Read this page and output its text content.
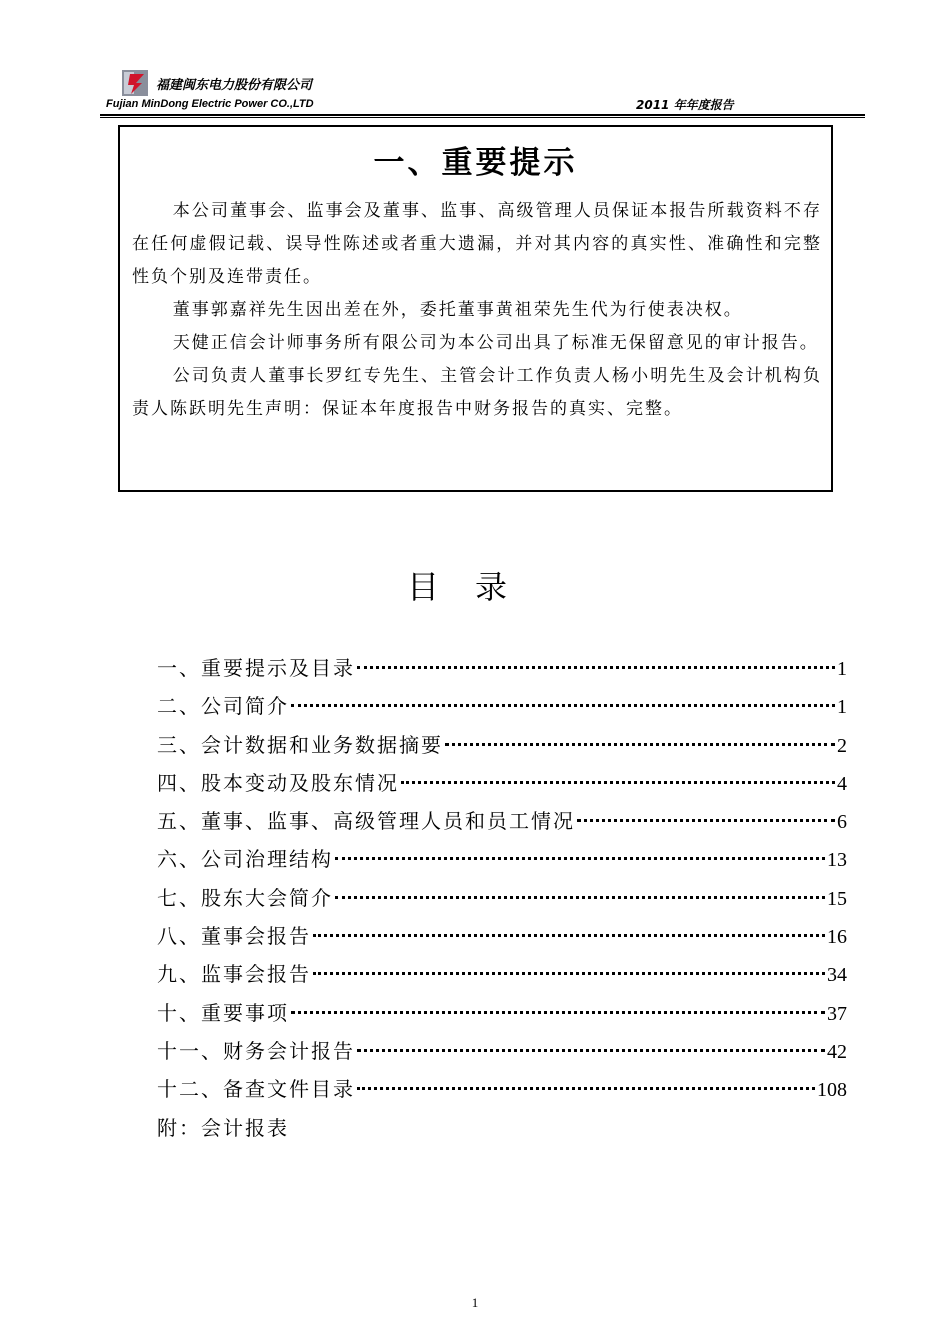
福建闽东电力股份有限公司
Fujian MinDong Electric Power CO.,LTD	2011 年年度报告
一、重要提示

本公司董事会、监事会及董事、监事、高级管理人员保证本报告所载资料不存在任何虚假记载、误导性陈述或者重大遗漏，并对其内容的真实性、准确性和完整性负个别及连带责任。

董事郭嘉祥先生因出差在外，委托董事黄祖荣先生代为行使表决权。

天健正信会计师事务所有限公司为本公司出具了标准无保留意见的审计报告。

公司负责人董事长罗红专先生、主管会计工作负责人杨小明先生及会计机构负责人陈跃明先生声明：保证本年度报告中财务报告的真实、完整。

目录
一、重要提示及目录	1
二、公司简介	1
三、会计数据和业务数据摘要	2
四、股本变动及股东情况	4
五、董事、监事、高级管理人员和员工情况	6
六、公司治理结构	13
七、股东大会简介	15
八、董事会报告	16
九、监事会报告	34
十、重要事项	37
十一、财务会计报告	42
十二、备查文件目录	108
附：会计报表
1
